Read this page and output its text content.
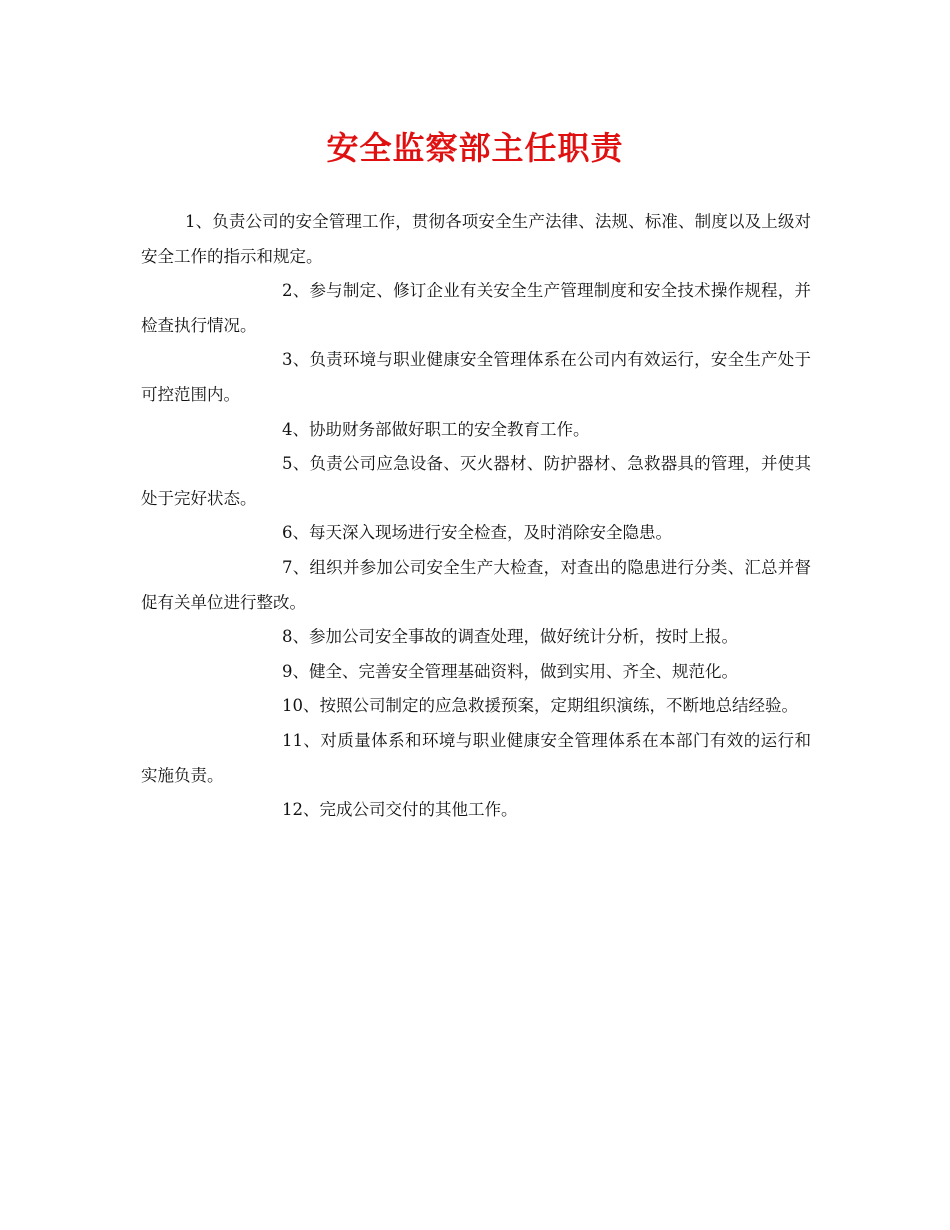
安全监察部主任职责

1、负责公司的安全管理工作，贯彻各项安全生产法律、法规、标准、制度以及上级对安全工作的指示和规定。

2、参与制定、修订企业有关安全生产管理制度和安全技术操作规程，并检查执行情况。

3、负责环境与职业健康安全管理体系在公司内有效运行，安全生产处于可控范围内。

4、协助财务部做好职工的安全教育工作。

5、负责公司应急设备、灭火器材、防护器材、急救器具的管理，并使其处于完好状态。

6、每天深入现场进行安全检查，及时消除安全隐患。

7、组织并参加公司安全生产大检查，对查出的隐患进行分类、汇总并督促有关单位进行整改。

8、参加公司安全事故的调查处理，做好统计分析，按时上报。

9、健全、完善安全管理基础资料，做到实用、齐全、规范化。

10、按照公司制定的应急救援预案，定期组织演练，不断地总结经验。

11、对质量体系和环境与职业健康安全管理体系在本部门有效的运行和实施负责。

12、完成公司交付的其他工作。
